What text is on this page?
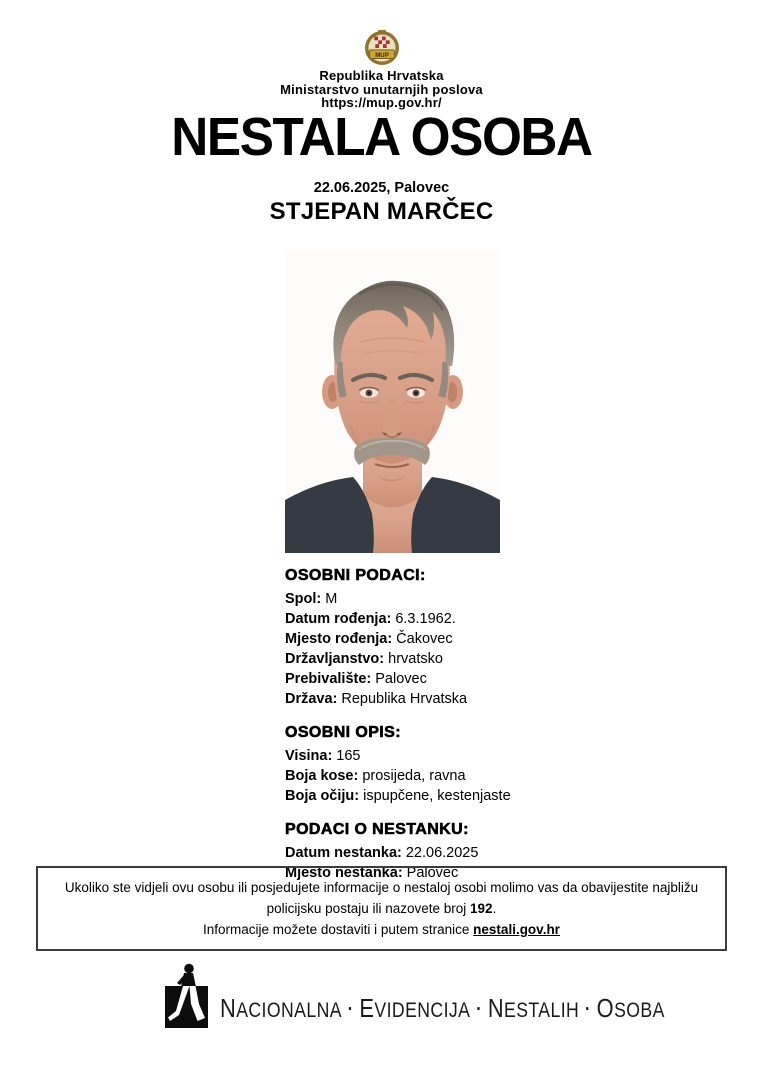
MUP
Republika Hrvatska
Ministarstvo unutarnjih poslova
https://mup.gov.hr/
NESTALA OSOBA
22.06.2025, Palovec
STJEPAN MARČEC
OSOBNI PODACI:
Spol: M
Datum rođenja: 6.3.1962.
Mjesto rođenja: Čakovec
Državljanstvo: hrvatsko
Prebivalište: Palovec
Država: Republika Hrvatska
OSOBNI OPIS:
Visina: 165
Boja kose: prosijeda, ravna
Boja očiju: ispupčene, kestenjaste
PODACI O NESTANKU:
Datum nestanka: 22.06.2025
Mjesto nestanka: Palovec

Ukoliko ste vidjeli ovu osobu ili posjedujete informacije o nestaloj osobi molimo vas da obavijestite najbližu policijsku postaju ili nazovete broj 192.

Informacije možete dostaviti i putem stranice nestali.gov.hr

NACIONALNA · EVIDENCIJA · NESTALIH · OSOBA
